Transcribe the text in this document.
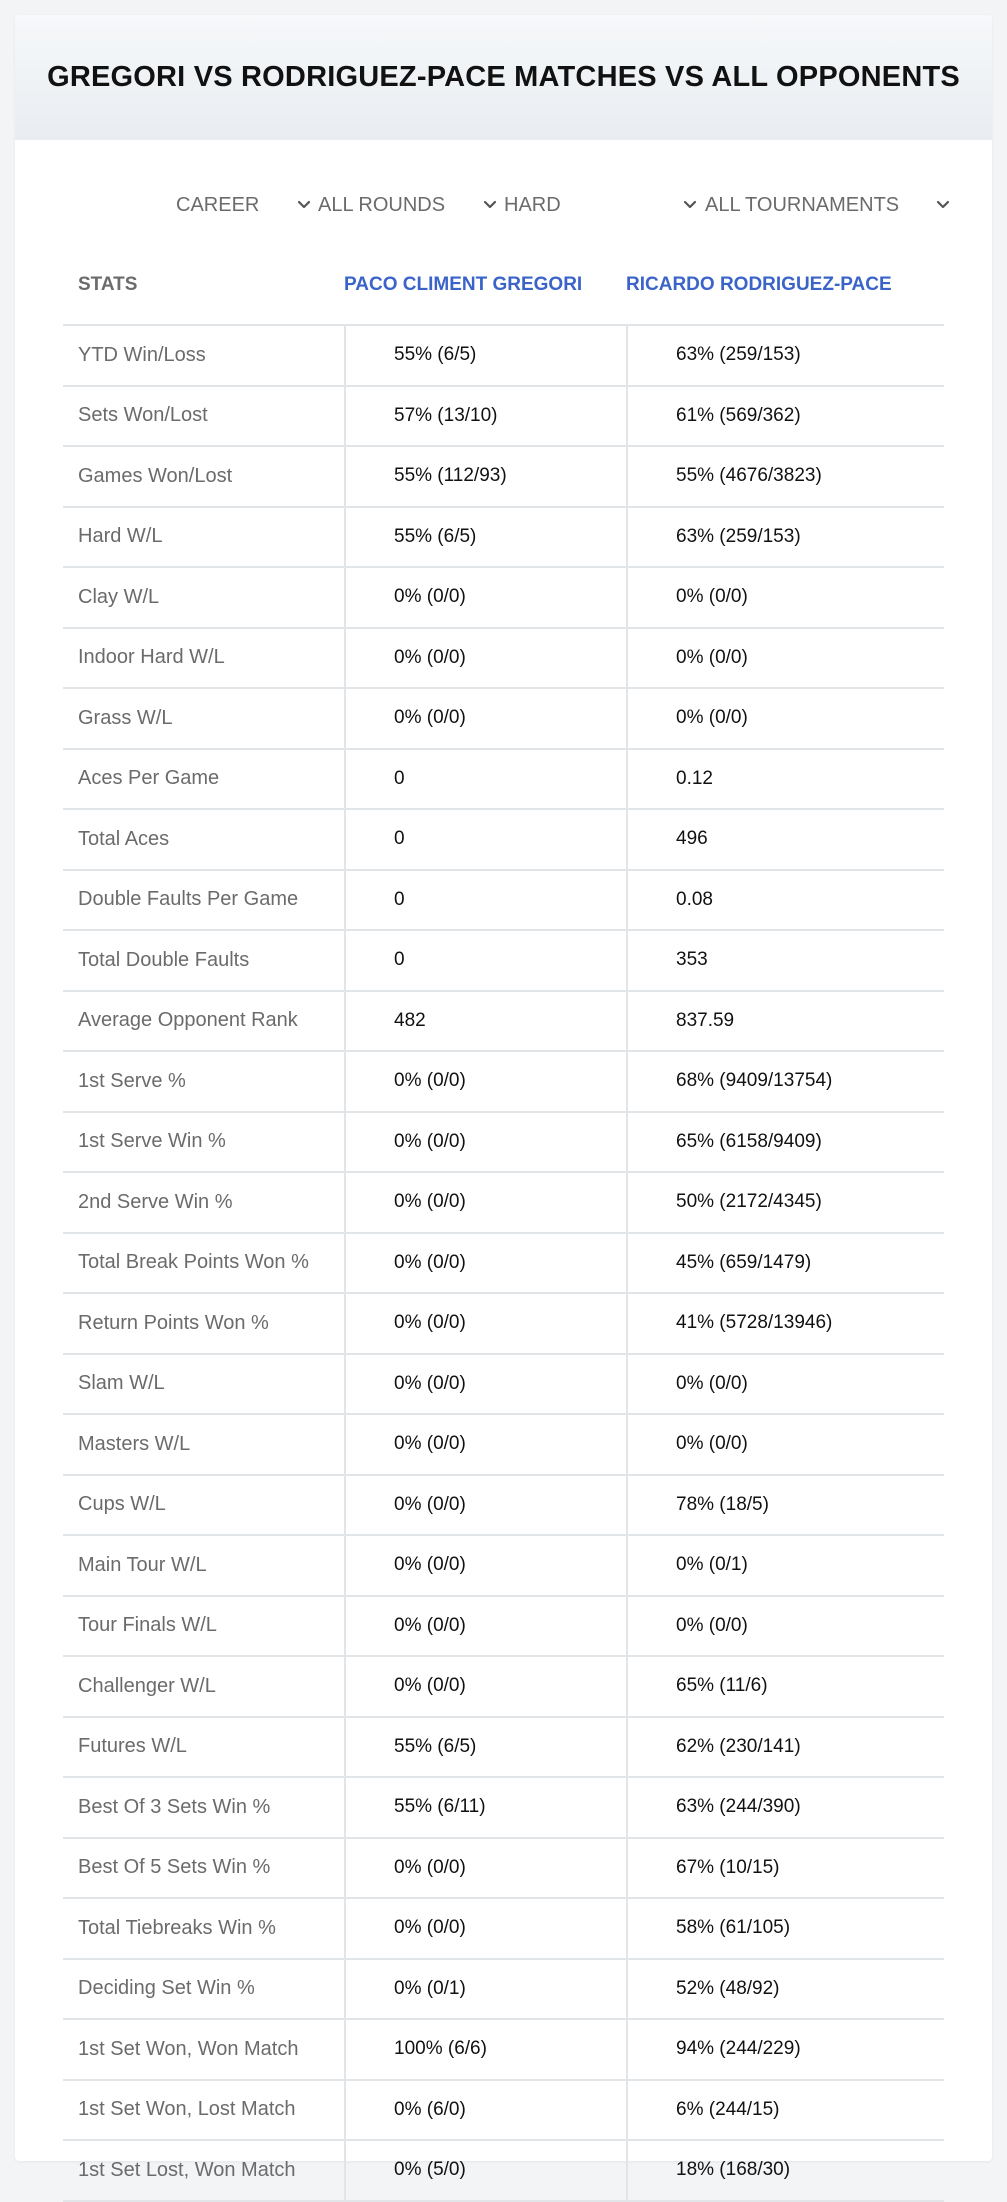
GREGORI VS RODRIGUEZ-PACE MATCHES VS ALL OPPONENTS
CAREER	ALL ROUNDS	HARD	ALL TOURNAMENTS
STATS	PACO CLIMENT GREGORI	RICARDO RODRIGUEZ-PACE
YTD Win/Loss	55% (6/5)	63% (259/153)
Sets Won/Lost	57% (13/10)	61% (569/362)
Games Won/Lost	55% (112/93)	55% (4676/3823)
Hard W/L	55% (6/5)	63% (259/153)
Clay W/L	0% (0/0)	0% (0/0)
Indoor Hard W/L	0% (0/0)	0% (0/0)
Grass W/L	0% (0/0)	0% (0/0)
Aces Per Game	0	0.12
Total Aces	0	496
Double Faults Per Game	0	0.08
Total Double Faults	0	353
Average Opponent Rank	482	837.59
1st Serve %	0% (0/0)	68% (9409/13754)
1st Serve Win %	0% (0/0)	65% (6158/9409)
2nd Serve Win %	0% (0/0)	50% (2172/4345)
Total Break Points Won %	0% (0/0)	45% (659/1479)
Return Points Won %	0% (0/0)	41% (5728/13946)
Slam W/L	0% (0/0)	0% (0/0)
Masters W/L	0% (0/0)	0% (0/0)
Cups W/L	0% (0/0)	78% (18/5)
Main Tour W/L	0% (0/0)	0% (0/1)
Tour Finals W/L	0% (0/0)	0% (0/0)
Challenger W/L	0% (0/0)	65% (11/6)
Futures W/L	55% (6/5)	62% (230/141)
Best Of 3 Sets Win %	55% (6/11)	63% (244/390)
Best Of 5 Sets Win %	0% (0/0)	67% (10/15)
Total Tiebreaks Win %	0% (0/0)	58% (61/105)
Deciding Set Win %	0% (0/1)	52% (48/92)
1st Set Won, Won Match	100% (6/6)	94% (244/229)
1st Set Won, Lost Match	0% (6/0)	6% (244/15)
1st Set Lost, Won Match	0% (5/0)	18% (168/30)
